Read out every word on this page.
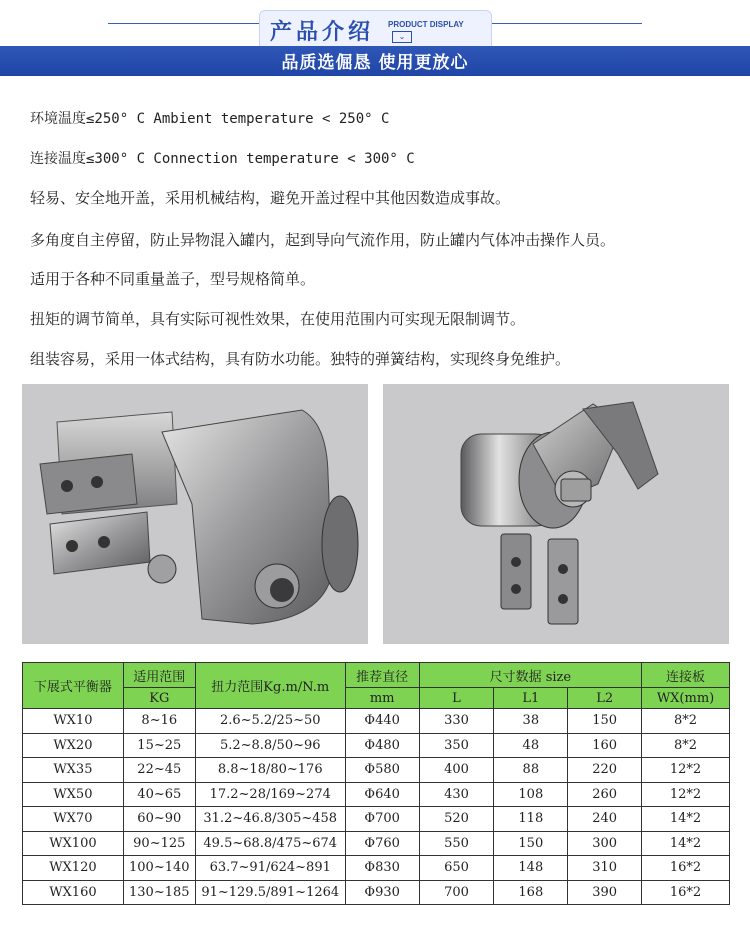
产品介绍 PRODUCT DISPLAY
⌄
品质选倔恳 使用更放心
环境温度≤250° C Ambient temperature < 250° C
连接温度≤300° C Connection temperature < 300° C
轻易、安全地开盖，采用机械结构，避免开盖过程中其他因数造成事故。
多角度自主停留，防止异物混入罐内，起到导向气流作用，防止罐内气体冲击操作人员。
适用于各种不同重量盖子，型号规格简单。
扭矩的调节简单，具有实际可视性效果，在使用范围内可实现无限制调节。
组装容易，采用一体式结构，具有防水功能。独特的弹簧结构，实现终身免维护。
下展式平衡器	适用范围	扭力范围Kg.m/N.m	推荐直径	尺寸数据 size			连接板
	KG		mm	L	L1	L2	WX(mm)
WX10	8~16	2.6~5.2/25~50	Φ440	330	38	150	8*2
WX20	15~25	5.2~8.8/50~96	Φ480	350	48	160	8*2
WX35	22~45	8.8~18/80~176	Φ580	400	88	220	12*2
WX50	40~65	17.2~28/169~274	Φ640	430	108	260	12*2
WX70	60~90	31.2~46.8/305~458	Φ700	520	118	240	14*2
WX100	90~125	49.5~68.8/475~674	Φ760	550	150	300	14*2
WX120	100~140	63.7~91/624~891	Φ830	650	148	310	16*2
WX160	130~185	91~129.5/891~1264	Φ930	700	168	390	16*2
